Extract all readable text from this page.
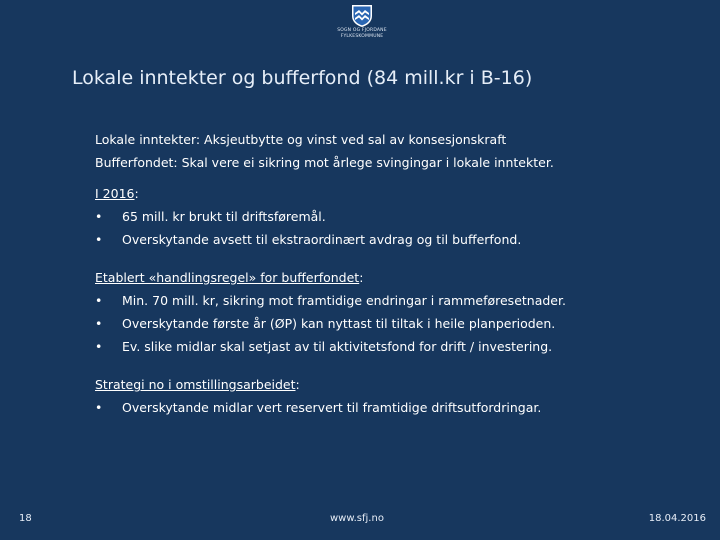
SOGN OG FJORDANE
FYLKESKOMMUNE
Lokale inntekter og bufferfond (84 mill.kr i B-16)
Lokale inntekter: Aksjeutbytte og vinst ved sal av konsesjonskraft
Bufferfondet: Skal vere ei sikring mot årlege svingingar i lokale inntekter.
I 2016:
•	65 mill. kr brukt til driftsføremål.
•	Overskytande avsett til ekstraordinært avdrag og til bufferfond.
Etablert «handlingsregel» for bufferfondet:
•	Min. 70 mill. kr, sikring mot framtidige endringar i rammeføresetnader.
•	Overskytande første år (ØP) kan nyttast til tiltak i heile planperioden.
•	Ev. slike midlar skal setjast av til aktivitetsfond for drift / investering.
Strategi no i omstillingsarbeidet:
•	Overskytande midlar vert reservert til framtidige driftsutfordringar.
18	www.sfj.no	18.04.2016
